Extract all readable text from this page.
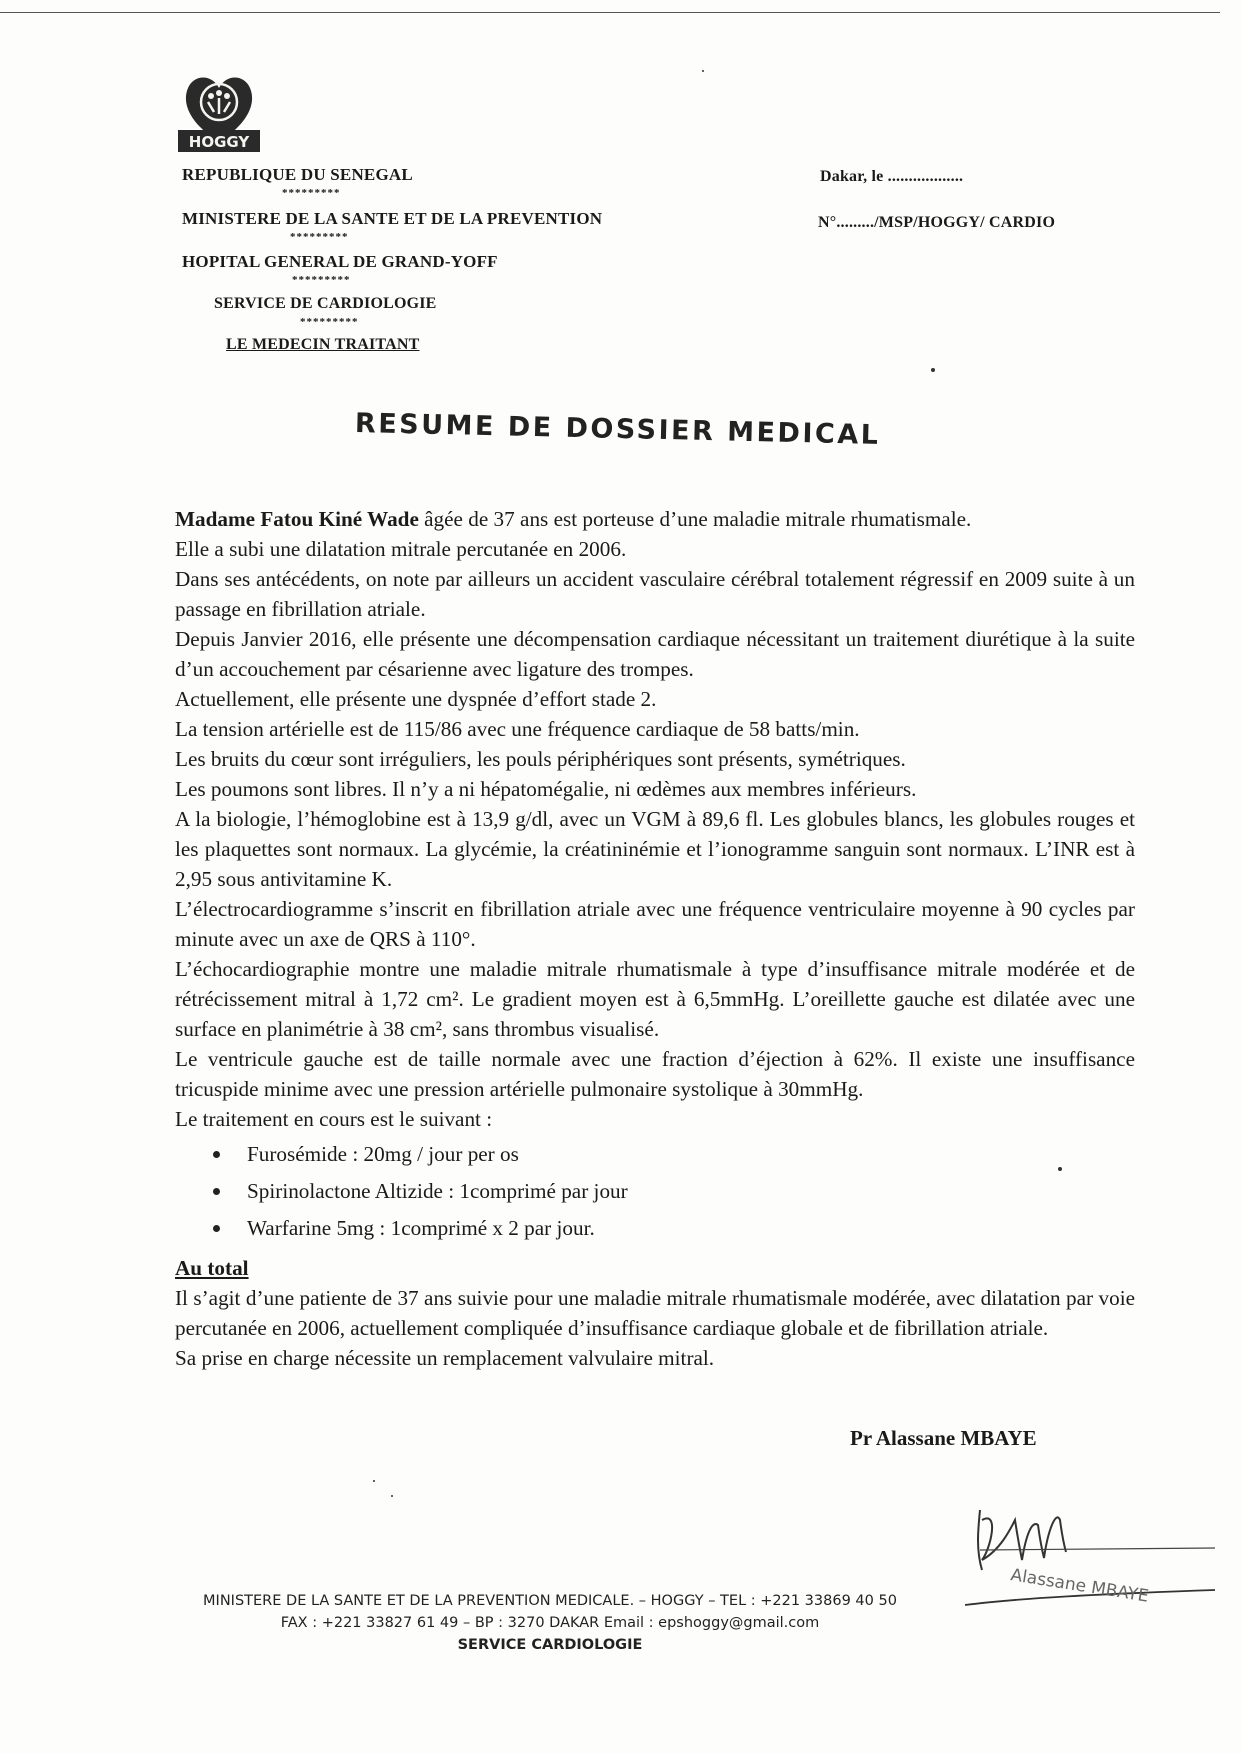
HOGGY
REPUBLIQUE DU SENEGAL
*********
MINISTERE DE LA SANTE ET DE LA PREVENTION
*********
HOPITAL GENERAL DE GRAND-YOFF
*********
SERVICE DE CARDIOLOGIE
*********
LE MEDECIN TRAITANT
Dakar, le ..................
N°........./MSP/HOGGY/ CARDIO
RESUME DE DOSSIER MEDICAL

Madame Fatou Kiné Wade âgée de 37 ans est porteuse d’une maladie mitrale rhumatismale.

Elle a subi une dilatation mitrale percutanée en 2006.

Dans ses antécédents, on note par ailleurs un accident vasculaire cérébral totalement régressif en 2009 suite à un passage en fibrillation atriale.

Depuis Janvier 2016, elle présente une décompensation cardiaque nécessitant un traitement diurétique à la suite d’un accouchement par césarienne avec ligature des trompes.

Actuellement, elle présente une dyspnée d’effort stade 2.

La tension artérielle est de 115/86 avec une fréquence cardiaque de 58 batts/min.

Les bruits du cœur sont irréguliers, les pouls périphériques sont présents, symétriques.

Les poumons sont libres. Il n’y a ni hépatomégalie, ni œdèmes aux membres inférieurs.

A la biologie, l’hémoglobine est à 13,9 g/dl, avec un VGM à 89,6 fl. Les globules blancs, les globules rouges et les plaquettes sont normaux. La glycémie, la créatininémie et l’ionogramme sanguin sont normaux. L’INR est à 2,95 sous antivitamine K.

L’électrocardiogramme s’inscrit en fibrillation atriale avec une fréquence ventriculaire moyenne à 90 cycles par minute avec un axe de QRS à 110°.

L’échocardiographie montre une maladie mitrale rhumatismale à type d’insuffisance mitrale modérée et de rétrécissement mitral à 1,72 cm². Le gradient moyen est à 6,5mmHg. L’oreillette gauche est dilatée avec une surface en planimétrie à 38 cm², sans thrombus visualisé.

Le ventricule gauche est de taille normale avec une fraction d’éjection à 62%. Il existe une insuffisance tricuspide minime avec une pression artérielle pulmonaire systolique à 30mmHg.

Le traitement en cours est le suivant :

Furosémide : 20mg / jour per os
Spirinolactone Altizide : 1comprimé par jour
Warfarine 5mg : 1comprimé x 2 par jour.

Au total

Il s’agit d’une patiente de 37 ans suivie pour une maladie mitrale rhumatismale modérée, avec dilatation par voie percutanée en 2006, actuellement compliquée d’insuffisance cardiaque globale et de fibrillation atriale.

Sa prise en charge nécessite un remplacement valvulaire mitral.

Pr Alassane MBAYE
Alassane MBAYE
MINISTERE DE LA SANTE ET DE LA PREVENTION MEDICALE. – HOGGY – TEL : +221 33869 40 50
FAX : +221 33827 61 49 – BP : 3270 DAKAR Email : epshoggy@gmail.com
SERVICE CARDIOLOGIE
